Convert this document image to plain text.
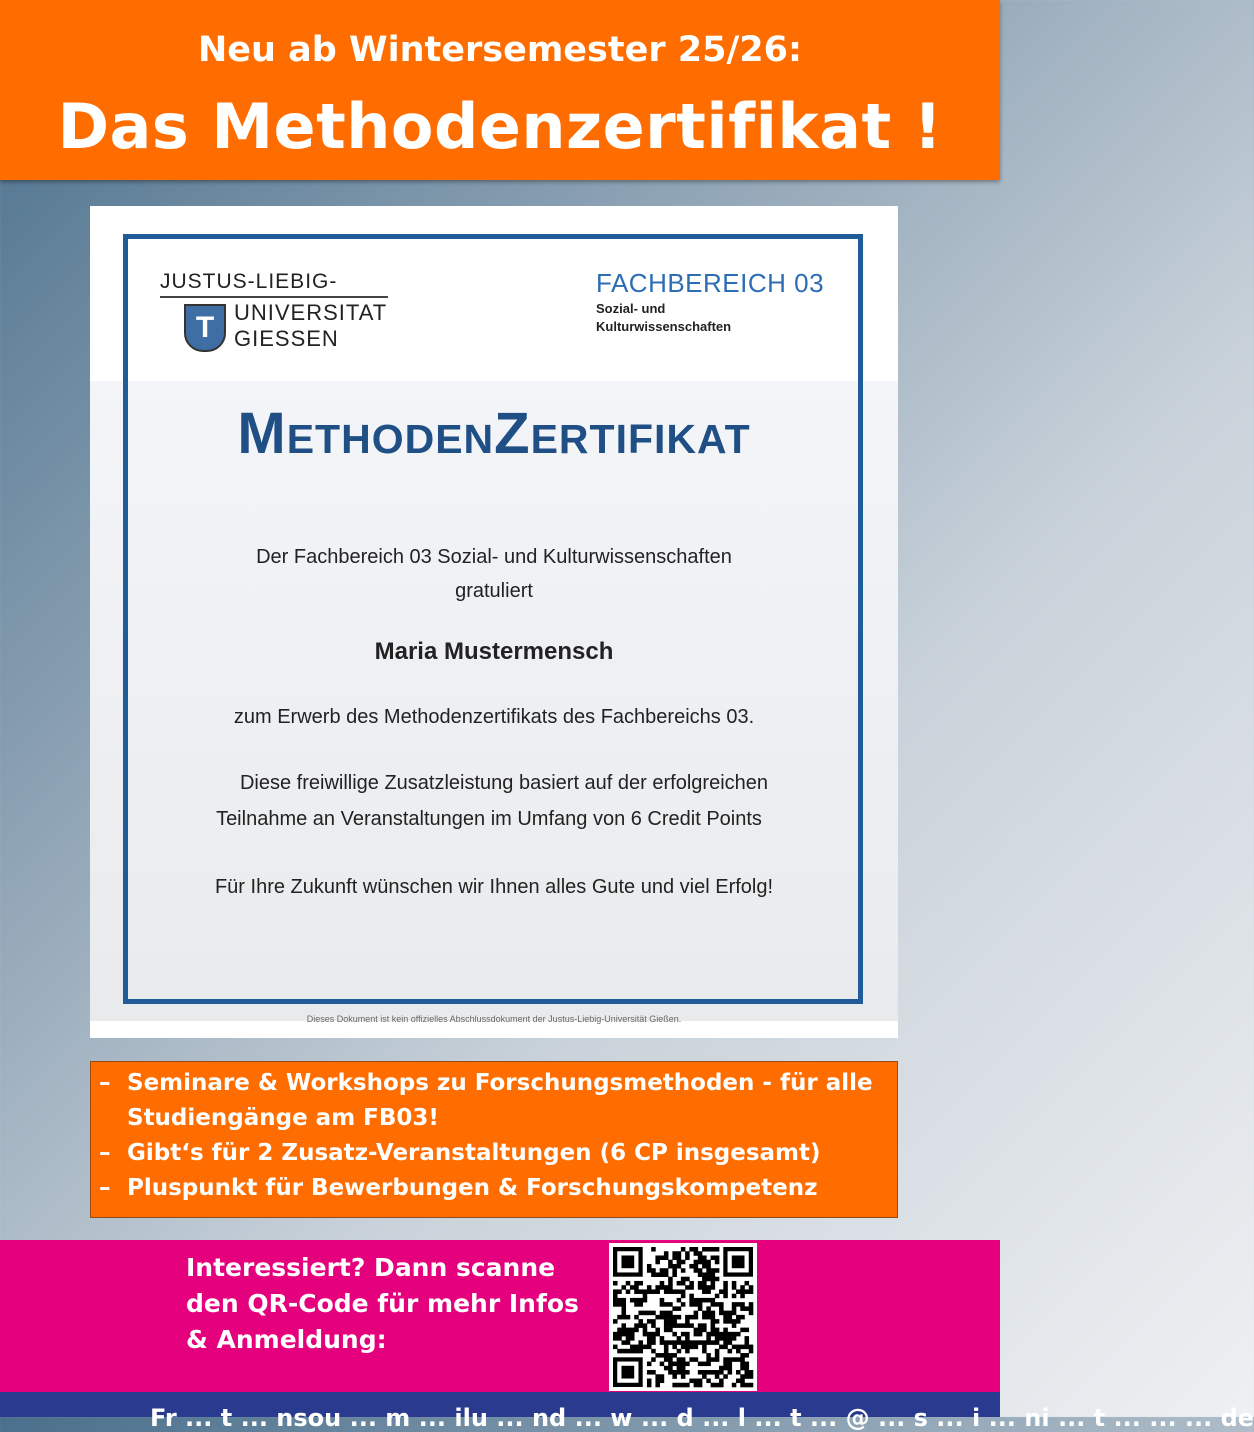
Neu ab Wintersemester 25/26:
Das Methodenzertifikat !
JUSTUS-LIEBIG-
T UNIVERSITAT
GIESSEN
FACHBEREICH 03
Sozial- und
Kulturwissenschaften
MethodenZertifikat
Der Fachbereich 03 Sozial- und Kulturwissenschaften
gratuliert
Maria Mustermensch
zum Erwerb des Methodenzertifikats des Fachbereichs 03.
Diese freiwillige Zusatzleistung basiert auf der erfolgreichen
Teilnahme an Veranstaltungen im Umfang von 6 Credit Points
Für Ihre Zukunft wünschen wir Ihnen alles Gute und viel Erfolg!
Dieses Dokument ist kein offizielles Abschlussdokument der Justus-Liebig-Universität Gießen.
– Seminare & Workshops zu Forschungsmethoden - für alle
Studiengänge am FB03!
– Gibt‘s für 2 Zusatz-Veranstaltungen (6 CP insgesamt)
– Pluspunkt für Bewerbungen & Forschungskompetenz
Interessiert? Dann scanne
den QR-Code für mehr Infos
& Anmeldung:
Fr ... t ... nsou ... m ... ilu ... nd ... w ... d ... l ... t ... @ ... s ... i ... ni ... t ... ... ... de
